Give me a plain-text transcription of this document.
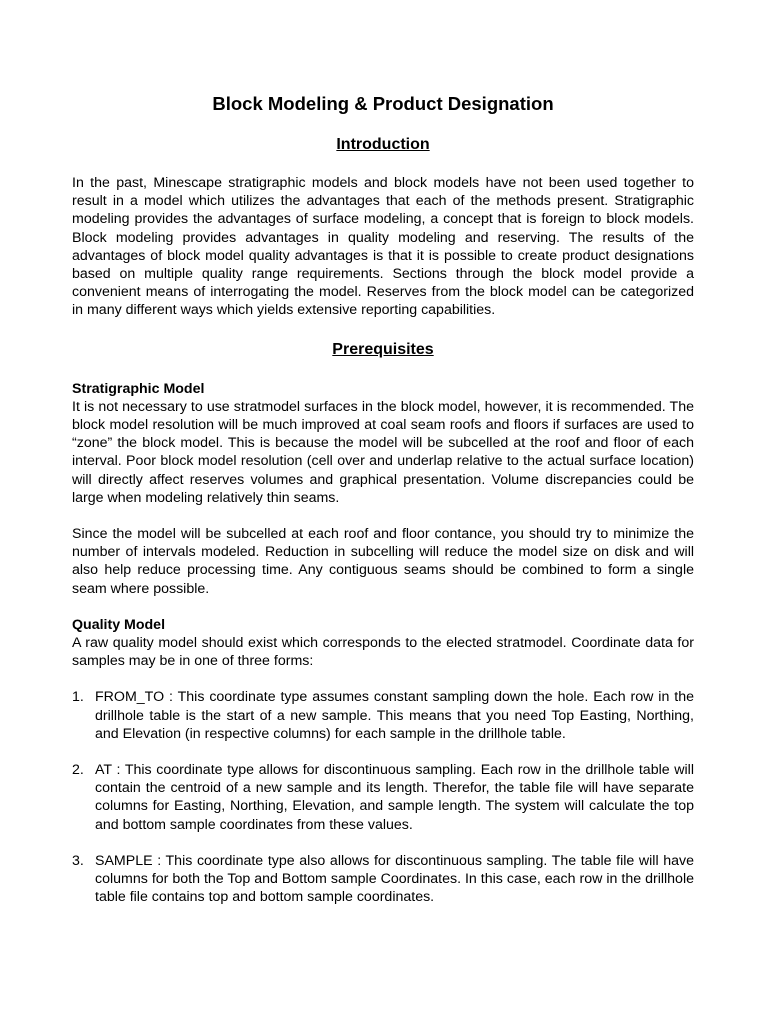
Block Modeling & Product Designation
Introduction

In the past, Minescape stratigraphic models and block models have not been used together to result in a model which utilizes the advantages that each of the methods present. Stratigraphic modeling provides the advantages of surface modeling, a concept that is foreign to block models. Block modeling provides advantages in quality modeling and reserving. The results of the advantages of block model quality advantages is that it is possible to create product designations based on multiple quality range requirements. Sections through the block model provide a convenient means of interrogating the model. Reserves from the block model can be categorized in many different ways which yields extensive reporting capabilities.

Prerequisites
Stratigraphic Model

It is not necessary to use stratmodel surfaces in the block model, however, it is recommended. The block model resolution will be much improved at coal seam roofs and floors if surfaces are used to “zone” the block model. This is because the model will be subcelled at the roof and floor of each interval. Poor block model resolution (cell over and underlap relative to the actual surface location) will directly affect reserves volumes and graphical presentation. Volume discrepancies could be large when modeling relatively thin seams.

Since the model will be subcelled at each roof and floor contance, you should try to minimize the number of intervals modeled. Reduction in subcelling will reduce the model size on disk and will also help reduce processing time. Any contiguous seams should be combined to form a single seam where possible.

Quality Model

A raw quality model should exist which corresponds to the elected stratmodel. Coordinate data for samples may be in one of three forms:

1. FROM_TO : This coordinate type assumes constant sampling down the hole. Each row in the drillhole table is the start of a new sample. This means that you need Top Easting, Northing, and Elevation (in respective columns) for each sample in the drillhole table.
2. AT : This coordinate type allows for discontinuous sampling. Each row in the drillhole table will contain the centroid of a new sample and its length. Therefor, the table file will have separate columns for Easting, Northing, Elevation, and sample length. The system will calculate the top and bottom sample coordinates from these values.
3. SAMPLE : This coordinate type also allows for discontinuous sampling. The table file will have columns for both the Top and Bottom sample Coordinates. In this case, each row in the drillhole table file contains top and bottom sample coordinates.
